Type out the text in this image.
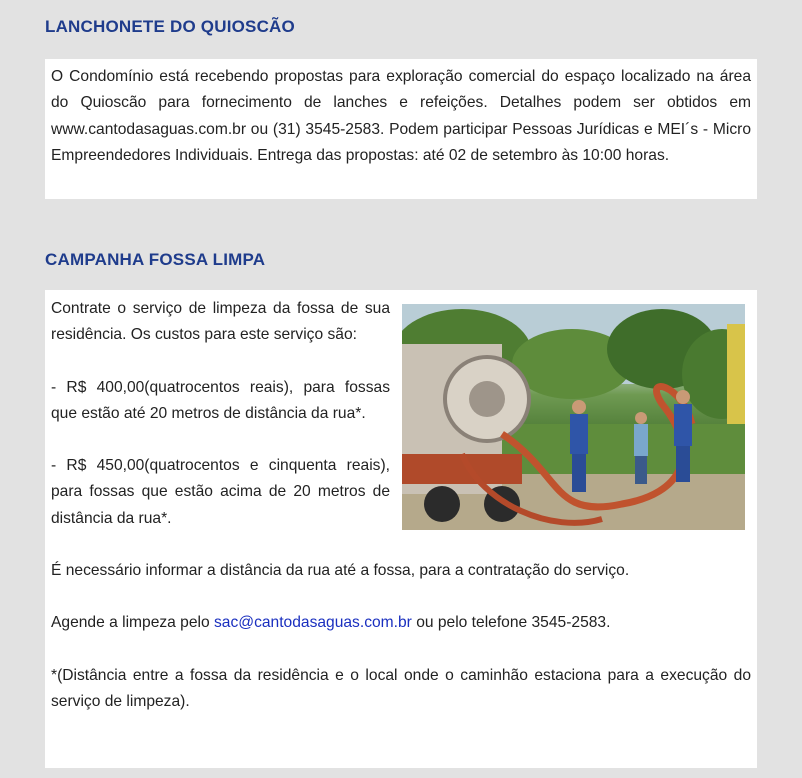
LANCHONETE DO QUIOSCÃO

O Condomínio está recebendo propostas para exploração comercial do espaço localizado na área do Quioscão para fornecimento de lanches e refeições. Detalhes podem ser obtidos em www.cantodasaguas.com.br ou (31) 3545-2583. Podem participar Pessoas Jurídicas e MEI´s - Micro Empreendedores Individuais. Entrega das propostas: até 02 de setembro às 10:00 horas.

CAMPANHA FOSSA LIMPA

Contrate o serviço de limpeza da fossa de sua residência. Os custos para este serviço são:

- R$ 400,00(quatrocentos reais), para fossas que estão até 20 metros de distância da rua*.

- R$ 450,00(quatrocentos e cinquenta reais), para fossas que estão acima de 20 metros de distância da rua*.

É necessário informar a distância da rua até a fossa, para a contratação do serviço.

Agende a limpeza pelo sac@cantodasaguas.com.br ou pelo telefone 3545-2583.

*(Distância entre a fossa da residência e o local onde o caminhão estaciona para a execução do serviço de limpeza).
